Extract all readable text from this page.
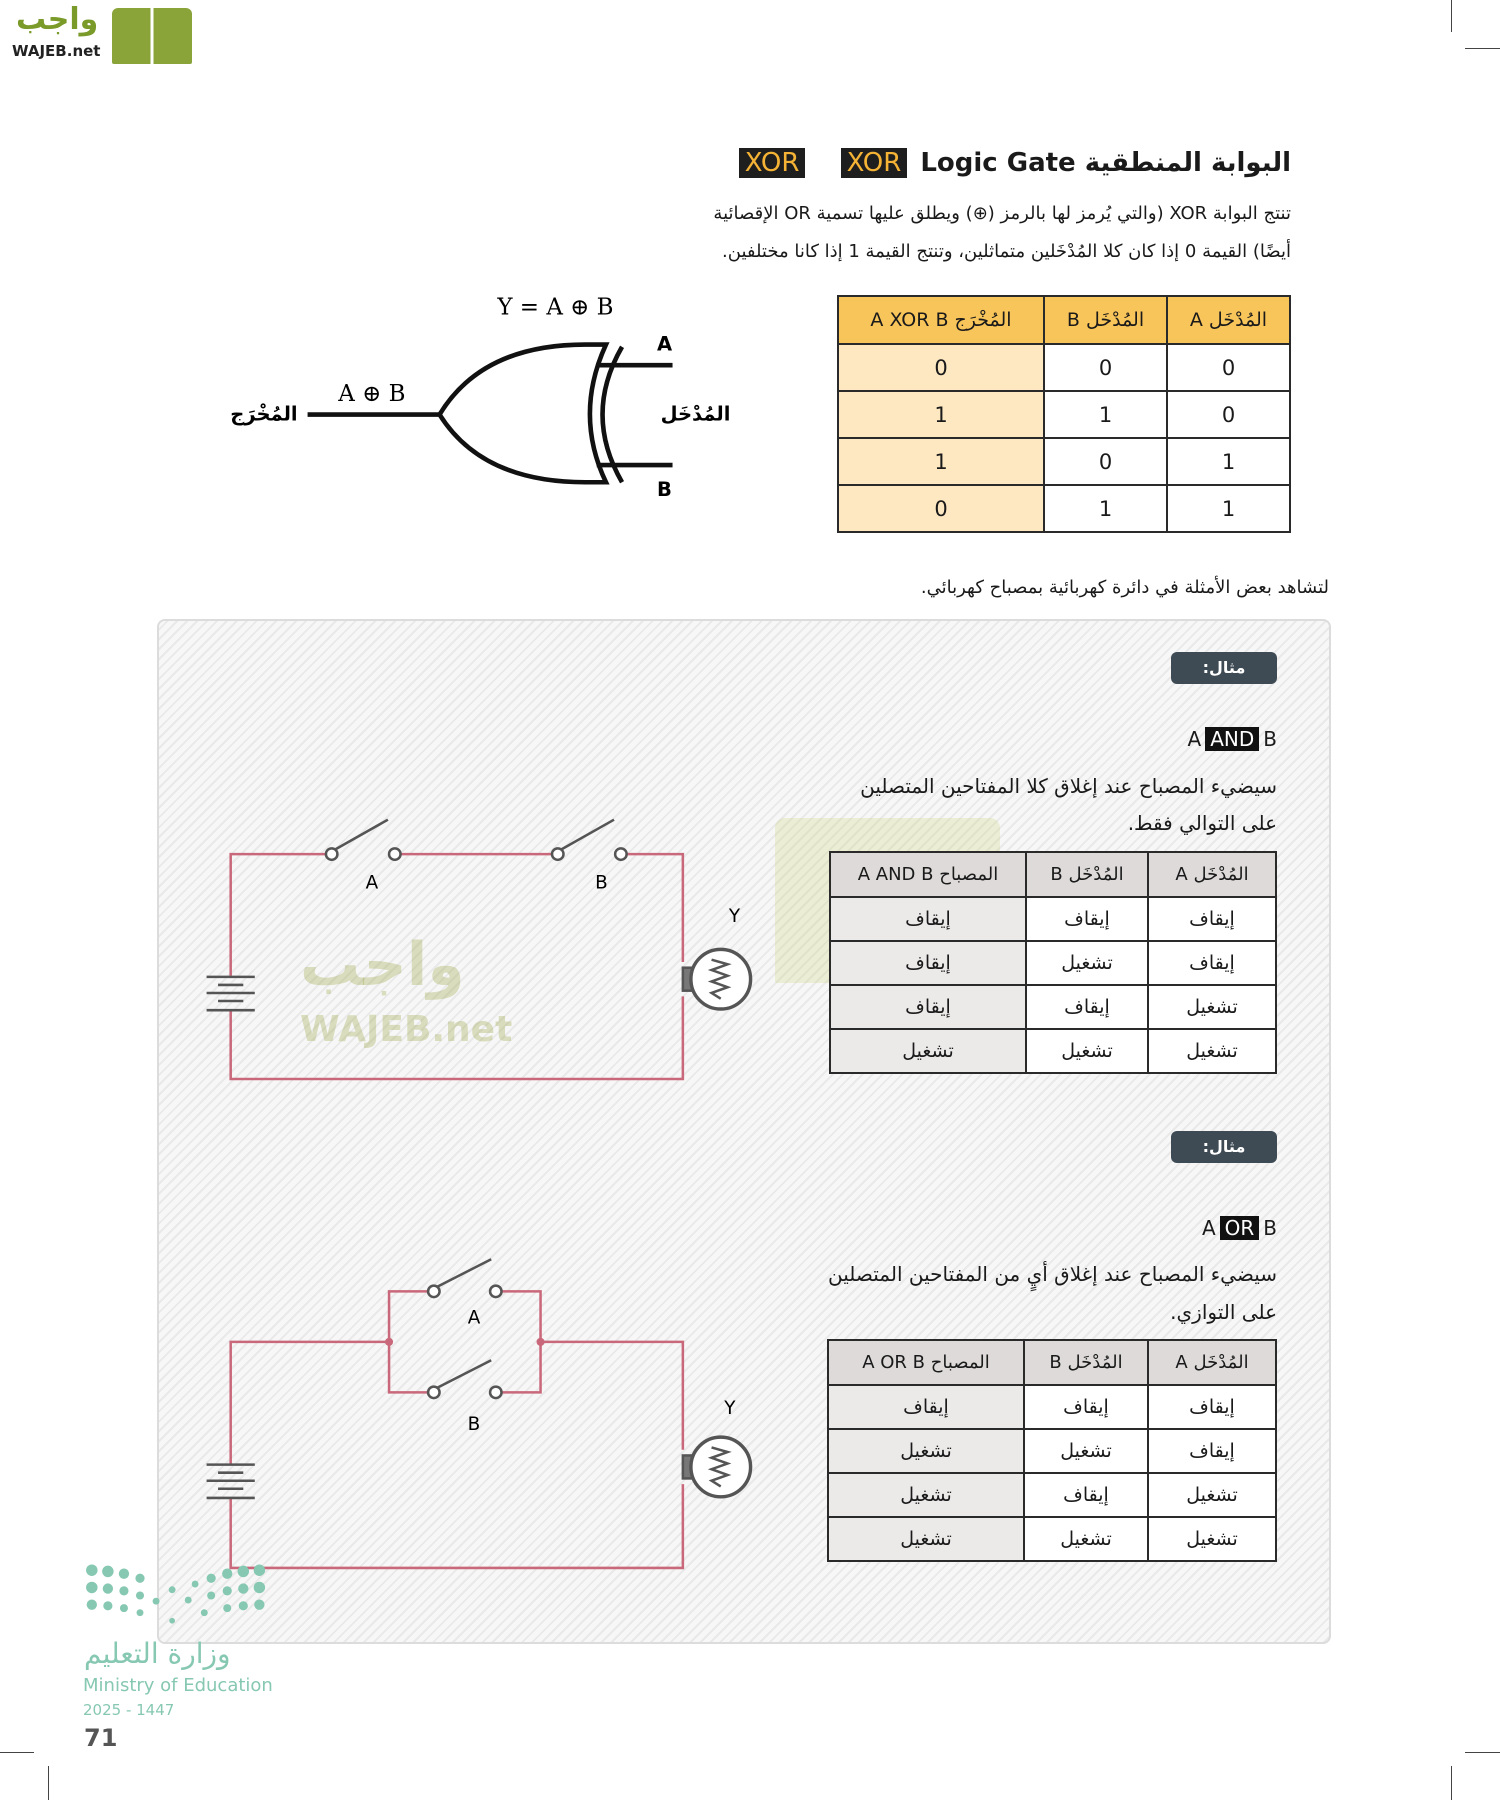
واجب
WAJEB.net
البوابة المنطقية XOR XOR Logic Gate
تنتج البوابة XOR (والتي يُرمز لها بالرمز (⊕) ويطلق عليها تسمية OR الإقصائية
أيضًا) القيمة 0 إذا كان كلا المُدْخَلين متماثلين، وتنتج القيمة 1 إذا كانا مختلفين.
المُدْخَل A	المُدْخَل B	المُخْرَج A XOR B
0	0	0
0	1	1
1	0	1
1	1	0
لتشاهد بعض الأمثلة في دائرة كهربائية بمصباح كهربائي.
واجب
WAJEB.net
مثال:
A AND B
سيضيء المصباح عند إغلاق كلا المفتاحين المتصلين
على التوالي فقط.
المُدْخَل A	المُدْخَل B	المصباح A AND B
إيقاف	إيقاف	إيقاف
إيقاف	تشغيل	إيقاف
تشغيل	إيقاف	إيقاف
تشغيل	تشغيل	تشغيل
مثال:
A OR B
سيضيء المصباح عند إغلاق أيٍ من المفتاحين المتصلين
على التوازي.
المُدْخَل A	المُدْخَل B	المصباح A OR B
إيقاف	إيقاف	إيقاف
إيقاف	تشغيل	تشغيل
تشغيل	إيقاف	تشغيل
تشغيل	تشغيل	تشغيل
Y = A ⊕ B
A ⊕ B
المُخْرَج	المُدْخَل
A
B
A	B
Y
A
B
Y
وزارة التعليم
Ministry of Education
2025 - 1447
71
